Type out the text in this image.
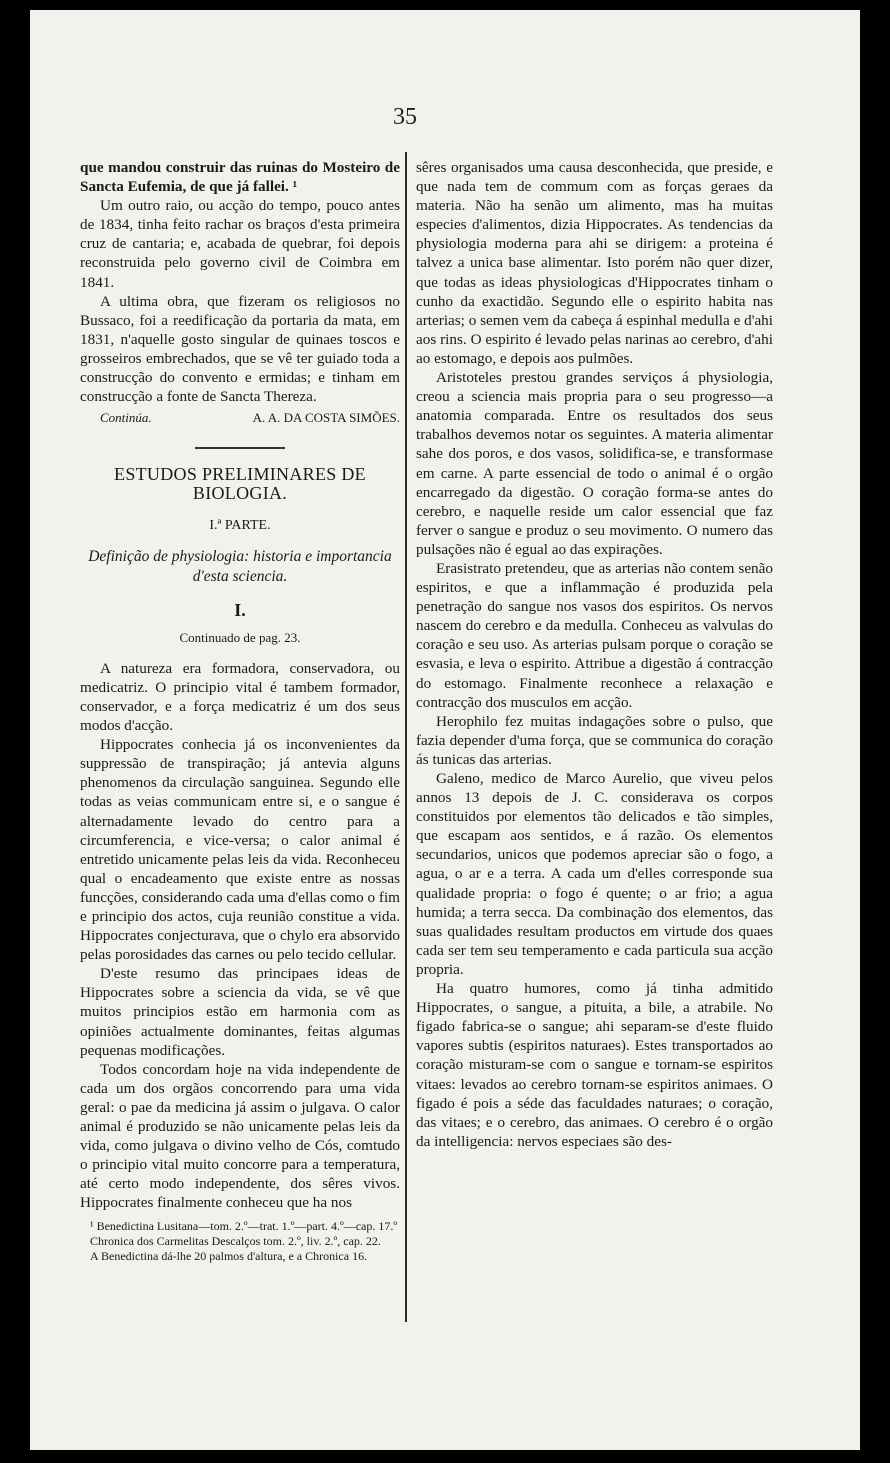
35

que mandou construir das ruinas do Mosteiro de Sancta Eufemia, de que já fallei. ¹

Um outro raio, ou acção do tempo, pouco antes de 1834, tinha feito rachar os braços d'esta primeira cruz de cantaria; e, acabada de quebrar, foi depois reconstruida pelo governo civil de Coimbra em 1841.

A ultima obra, que fizeram os religiosos no Bussaco, foi a reedificação da portaria da mata, em 1831, n'aquelle gosto singular de quinaes toscos e grosseiros embrechados, que se vê ter guiado toda a construcção do convento e ermidas; e tinham em construcção a fonte de Sancta Thereza.

Continúa.	A. A. DA COSTA SIMÕES.
ESTUDOS PRELIMINARES DE BIOLOGIA.
I.ª PARTE.
Definição de physiologia: historia e importancia d'esta sciencia.
I.
Continuado de pag. 23.

A natureza era formadora, conservadora, ou medicatriz. O principio vital é tambem formador, conservador, e a força medicatriz é um dos seus modos d'acção.

Hippocrates conhecia já os inconvenientes da suppressão de transpiração; já antevia alguns phenomenos da circulação sanguinea. Segundo elle todas as veias communicam entre si, e o sangue é alternadamente levado do centro para a circumferencia, e vice-versa; o calor animal é entretido unicamente pelas leis da vida. Reconheceu qual o encadeamento que existe entre as nossas funcções, considerando cada uma d'ellas como o fim e principio dos actos, cuja reunião constitue a vida. Hippocrates conjecturava, que o chylo era absorvido pelas porosidades das carnes ou pelo tecido cellular.

D'este resumo das principaes ideas de Hippocrates sobre a sciencia da vida, se vê que muitos principios estão em harmonia com as opiniões actualmente dominantes, feitas algumas pequenas modificações.

Todos concordam hoje na vida independente de cada um dos orgãos concorrendo para uma vida geral: o pae da medicina já assim o julgava. O calor animal é produzido se não unicamente pelas leis da vida, como julgava o divino velho de Cós, comtudo o principio vital muito concorre para a temperatura, até certo modo independente, dos sêres vivos. Hippocrates finalmente conheceu que ha nos

¹ Benedictina Lusitana—tom. 2.º—trat. 1.º—part. 4.º—cap. 17.º
Chronica dos Carmelitas Descalços tom. 2.º, liv. 2.º, cap. 22.
A Benedictina dá-lhe 20 palmos d'altura, e a Chronica 16.

sêres organisados uma causa desconhecida, que preside, e que nada tem de commum com as forças geraes da materia. Não ha senão um alimento, mas ha muitas especies d'alimentos, dizia Hippocrates. As tendencias da physiologia moderna para ahi se dirigem: a proteina é talvez a unica base alimentar. Isto porém não quer dizer, que todas as ideas physiologicas d'Hippocrates tinham o cunho da exactidão. Segundo elle o espirito habita nas arterias; o semen vem da cabeça á espinhal medulla e d'ahi aos rins. O espirito é levado pelas narinas ao cerebro, d'ahi ao estomago, e depois aos pulmões.

Aristoteles prestou grandes serviços á physiologia, creou a sciencia mais propria para o seu progresso—a anatomia comparada. Entre os resultados dos seus trabalhos devemos notar os seguintes. A materia alimentar sahe dos poros, e dos vasos, solidifica-se, e transformase em carne. A parte essencial de todo o animal é o orgão encarregado da digestão. O coração forma-se antes do cerebro, e naquelle reside um calor essencial que faz ferver o sangue e produz o seu movimento. O numero das pulsações não é egual ao das expirações.

Erasistrato pretendeu, que as arterias não contem senão espiritos, e que a inflammação é produzida pela penetração do sangue nos vasos dos espiritos. Os nervos nascem do cerebro e da medulla. Conheceu as valvulas do coração e seu uso. As arterias pulsam porque o coração se esvasia, e leva o espirito. Attribue a digestão á contracção do estomago. Finalmente reconhece a relaxação e contracção dos musculos em acção.

Herophilo fez muitas indagações sobre o pulso, que fazia depender d'uma força, que se communica do coração ás tunicas das arterias.

Galeno, medico de Marco Aurelio, que viveu pelos annos 13 depois de J. C. considerava os corpos constituidos por elementos tão delicados e tão simples, que escapam aos sentidos, e á razão. Os elementos secundarios, unicos que podemos apreciar são o fogo, a agua, o ar e a terra. A cada um d'elles corresponde sua qualidade propria: o fogo é quente; o ar frio; a agua humida; a terra secca. Da combinação dos elementos, das suas qualidades resultam productos em virtude dos quaes cada ser tem seu temperamento e cada particula sua acção propria.

Ha quatro humores, como já tinha admitido Hippocrates, o sangue, a pituita, a bile, a atrabile. No figado fabrica-se o sangue; ahi separam-se d'este fluido vapores subtis (espiritos naturaes). Estes transportados ao coração misturam-se com o sangue e tornam-se espiritos vitaes: levados ao cerebro tornam-se espiritos animaes. O figado é pois a séde das faculdades naturaes; o coração, das vitaes; e o cerebro, das animaes. O cerebro é o orgão da intelligencia: nervos especiaes são des-
